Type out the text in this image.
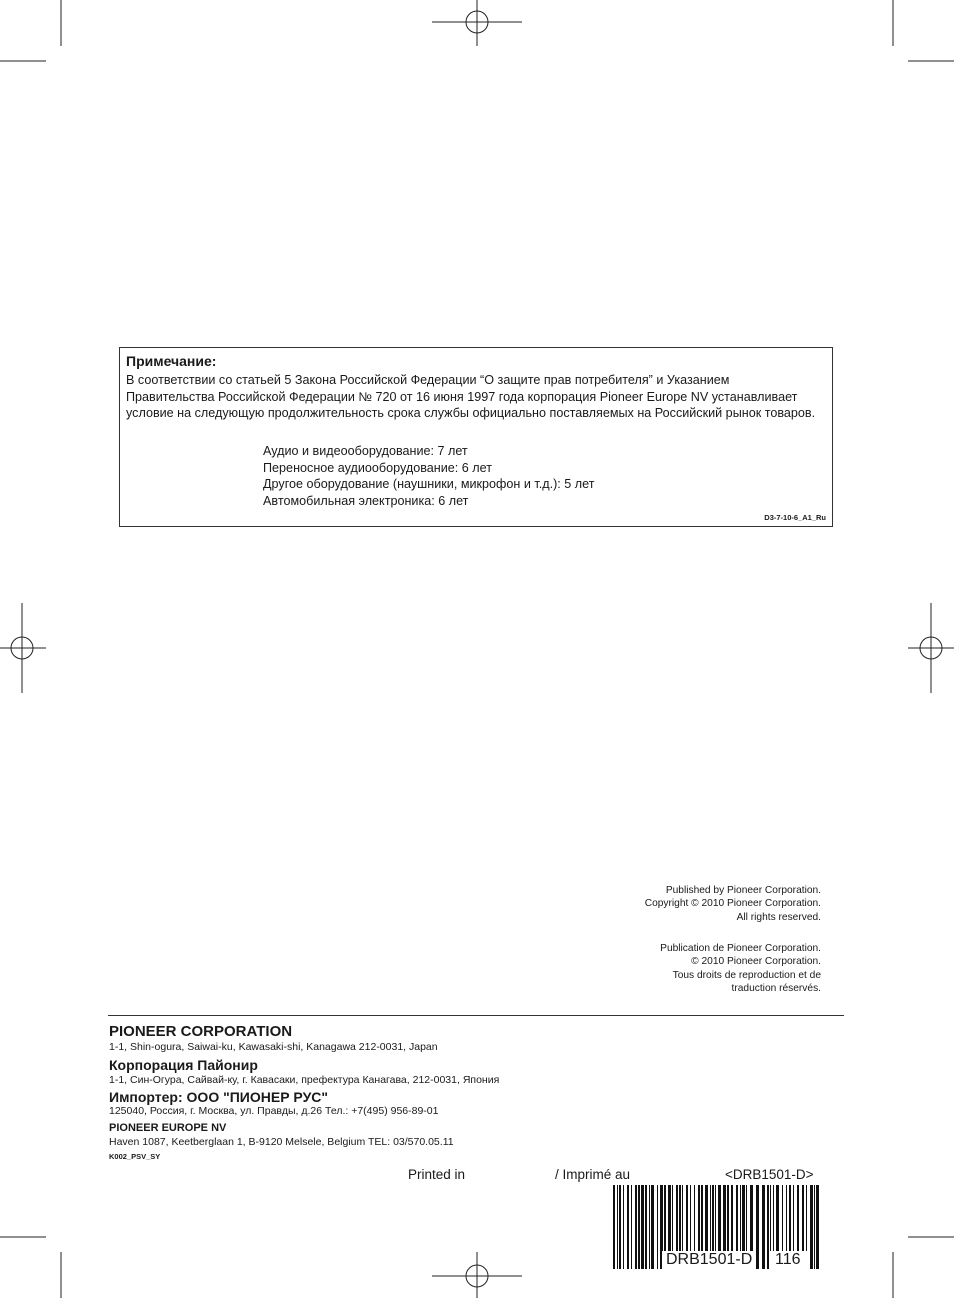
Примечание:
В соответствии со статьей 5 Закона Российской Федерации “О защите прав потребителя” и Указанием Правительства Российской Федерации № 720 от 16 июня 1997 года корпорация Pioneer Europe NV устанавливает условие на следующую продолжительность срока службы официально поставляемых на Российский рынок товаров.
Аудио и видеооборудование: 7 лет
Переносное аудиооборудование: 6 лет
Другое оборудование (наушники, микрофон и т.д.): 5 лет
Автомобильная электроника: 6 лет
D3-7-10-6_A1_Ru
Published by Pioneer Corporation.
Copyright © 2010 Pioneer Corporation.
All rights reserved.
Publication de Pioneer Corporation.
© 2010 Pioneer Corporation.
Tous droits de reproduction et de
traduction réservés.
PIONEER CORPORATION
1-1, Shin-ogura, Saiwai-ku, Kawasaki-shi, Kanagawa 212-0031, Japan
Корпорация Пайонир
1-1, Син-Огура, Сайвай-ку, г. Кавасаки, префектура Канагава, 212-0031, Япония
Импортер: ООО "ПИОНЕР РУС"
125040, Россия, г. Москва, ул. Правды, д.26 Тел.: +7(495) 956-89-01
PIONEER EUROPE NV
Haven 1087, Keetberglaan 1, B-9120 Melsele, Belgium TEL: 03/570.05.11
K002_PSV_SY
Printed in	/ Imprimé au	<DRB1501-D>
DRB1501-D	116
